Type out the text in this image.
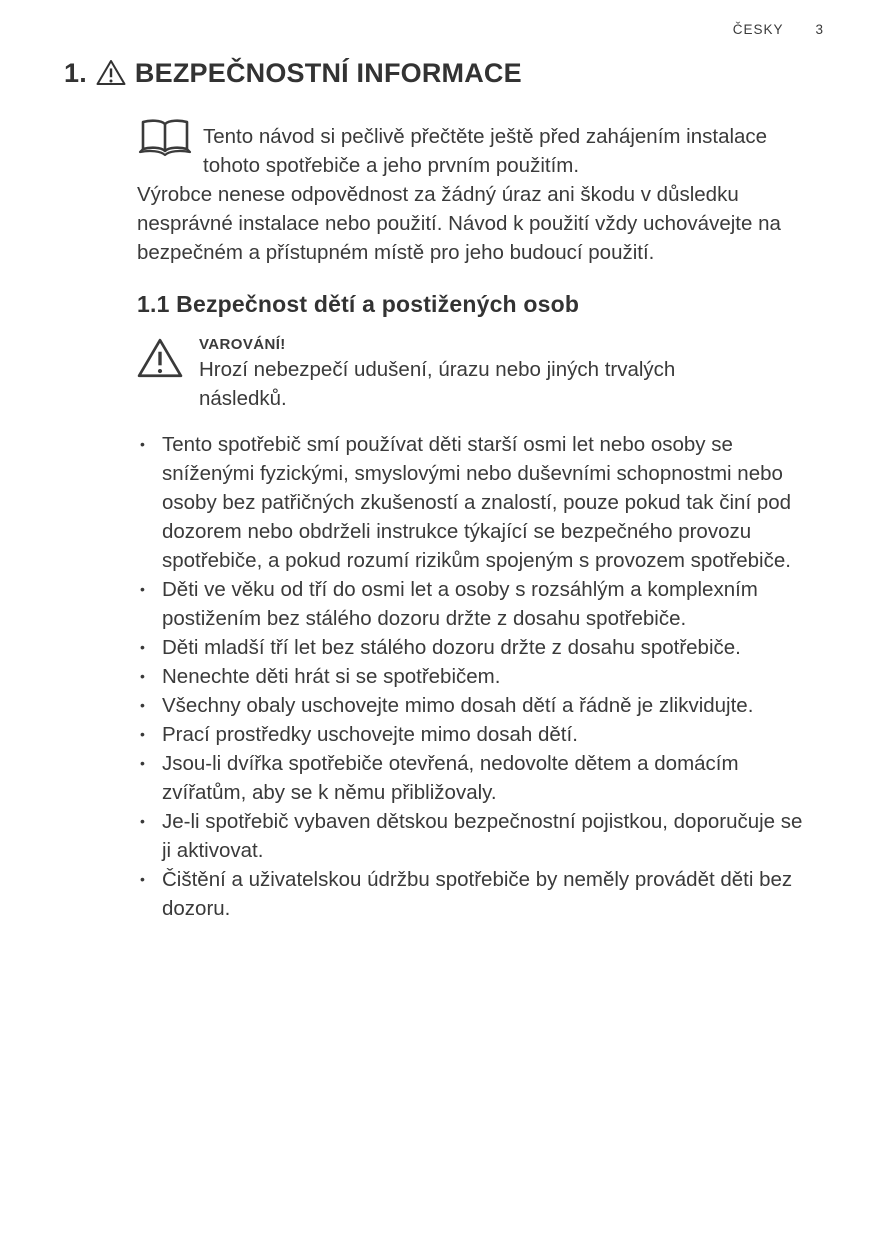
ČESKY 3
1. BEZPEČNOSTNÍ INFORMACE

Tento návod si pečlivě přečtěte ještě před zahájením instalace tohoto spotřebiče a jeho prvním použitím.

Výrobce nenese odpovědnost za žádný úraz ani škodu v důsledku nesprávné instalace nebo použití. Návod k použití vždy uchovávejte na bezpečném a přístupném místě pro jeho budoucí použití.

1.1 Bezpečnost dětí a postižených osob
VAROVÁNÍ!

Hrozí nebezpečí udušení, úrazu nebo jiných trvalých následků.

• Tento spotřebič smí používat děti starší osmi let nebo osoby se sníženými fyzickými, smyslovými nebo duševními schopnostmi nebo osoby bez patřičných zkušeností a znalostí, pouze pokud tak činí pod dozorem nebo obdrželi instrukce týkající se bezpečného provozu spotřebiče, a pokud rozumí rizikům spojeným s provozem spotřebiče.
• Děti ve věku od tří do osmi let a osoby s rozsáhlým a komplexním postižením bez stálého dozoru držte z dosahu spotřebiče.
• Děti mladší tří let bez stálého dozoru držte z dosahu spotřebiče.
• Nenechte děti hrát si se spotřebičem.
• Všechny obaly uschovejte mimo dosah dětí a řádně je zlikvidujte.
• Prací prostředky uschovejte mimo dosah dětí.
• Jsou-li dvířka spotřebiče otevřená, nedovolte dětem a domácím zvířatům, aby se k němu přibližovaly.
• Je-li spotřebič vybaven dětskou bezpečnostní pojistkou, doporučuje se ji aktivovat.
• Čištění a uživatelskou údržbu spotřebiče by neměly provádět děti bez dozoru.
